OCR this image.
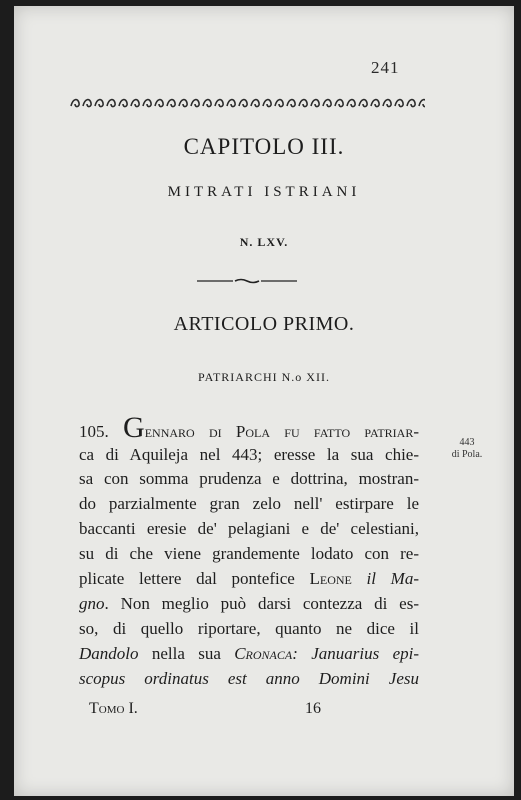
241
CAPITOLO III.
MITRATI ISTRIANI
N. LXV.
ARTICOLO PRIMO.
PATRIARCHI N.o XII.
105. Gennaro di Pola fu fatto patriar-
ca di Aquileja nel 443; eresse la sua chie-
sa con somma prudenza e dottrina, mostran-
do parzialmente gran zelo nell' estirpare le
baccanti eresie de' pelagiani e de' celestiani,
su di che viene grandemente lodato con re-
plicate lettere dal pontefice Leone il Ma-
gno. Non meglio può darsi contezza di es-
so, di quello riportare, quanto ne dice il
Dandolo nella sua Cronaca: Januarius epi-
scopus ordinatus est anno Domini Jesu
443
di Pola.
Tomo I.	16
